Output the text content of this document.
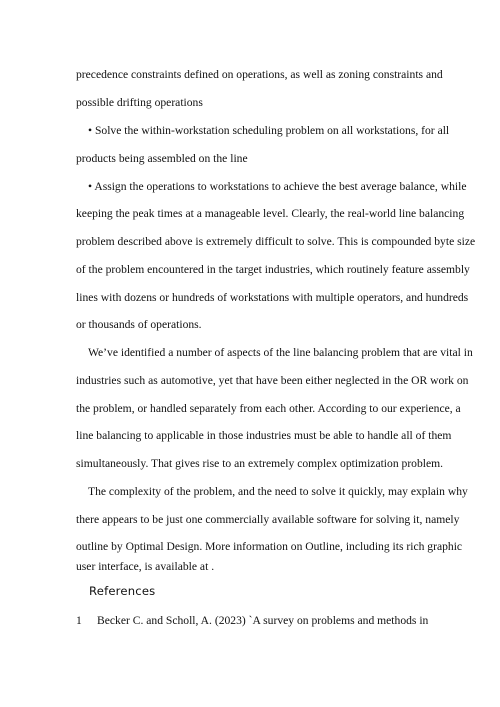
precedence constraints defined on operations, as well as zoning constraints and
possible drifting operations
• Solve the within-workstation scheduling problem on all workstations, for all
products being assembled on the line
• Assign the operations to workstations to achieve the best average balance, while
keeping the peak times at a manageable level. Clearly, the real-world line balancing
problem described above is extremely difficult to solve. This is compounded byte size
of the problem encountered in the target industries, which routinely feature assembly
lines with dozens or hundreds of workstations with multiple operators, and hundreds
or thousands of operations.
We’ve identified a number of aspects of the line balancing problem that are vital in
industries such as automotive, yet that have been either neglected in the OR work on
the problem, or handled separately from each other. According to our experience, a
line balancing to applicable in those industries must be able to handle all of them
simultaneously. That gives rise to an extremely complex optimization problem.
The complexity of the problem, and the need to solve it quickly, may explain why
there appears to be just one commercially available software for solving it, namely
outline by Optimal Design. More information on Outline, including its rich graphic
user interface, is available at .
References
1 Becker C. and Scholl, A. (2023) `A survey on problems and methods in
